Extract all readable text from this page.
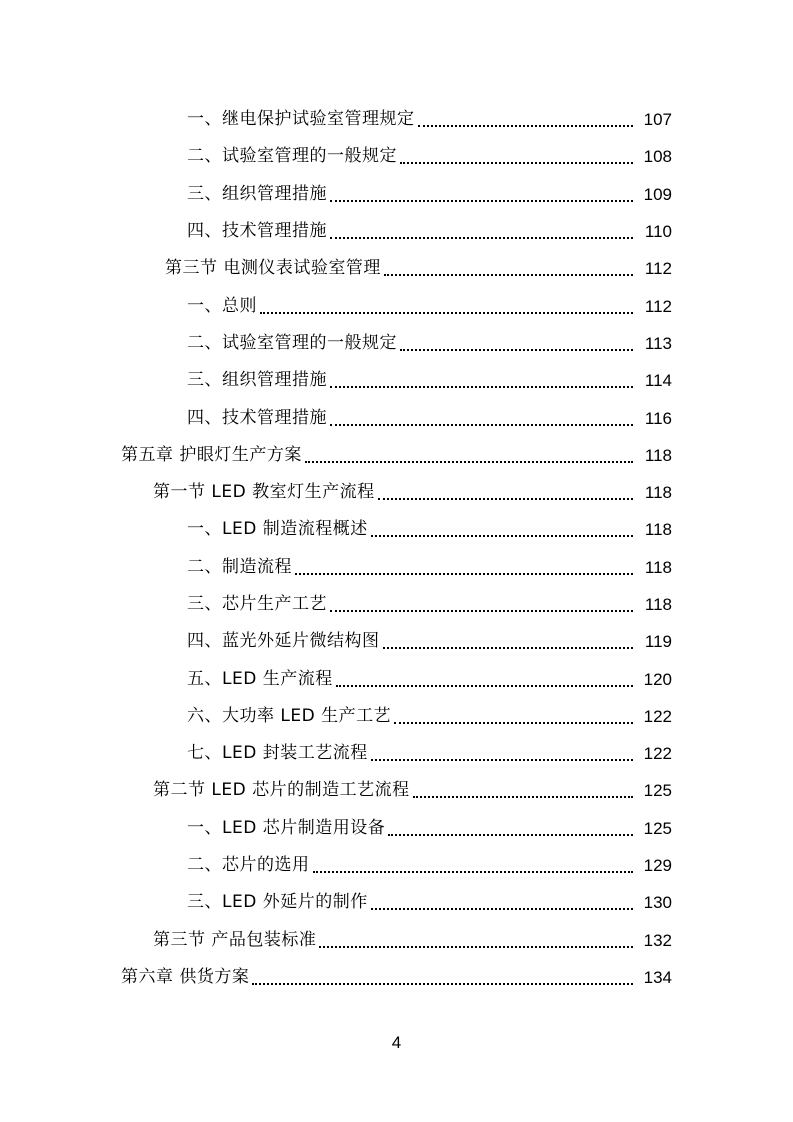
一、继电保护试验室管理规定	107
二、试验室管理的一般规定	108
三、组织管理措施	109
四、技术管理措施	110
第三节 电测仪表试验室管理	112
一、总则	112
二、试验室管理的一般规定	113
三、组织管理措施	114
四、技术管理措施	116
第五章 护眼灯生产方案	118
第一节 LED 教室灯生产流程	118
一、LED 制造流程概述	118
二、制造流程	118
三、芯片生产工艺	118
四、蓝光外延片微结构图	119
五、LED 生产流程	120
六、大功率 LED 生产工艺	122
七、LED 封装工艺流程	122
第二节 LED 芯片的制造工艺流程	125
一、LED 芯片制造用设备	125
二、芯片的选用	129
三、LED 外延片的制作	130
第三节 产品包装标准	132
第六章 供货方案	134
4
